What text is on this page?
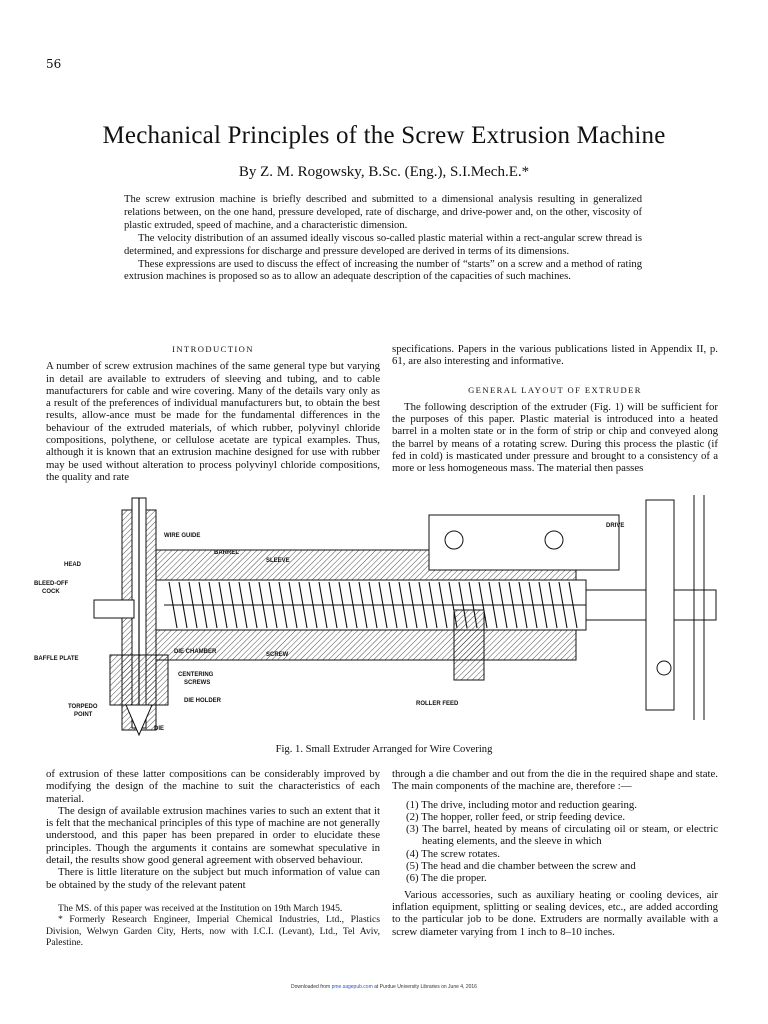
56
Mechanical Principles of the Screw Extrusion Machine
By Z. M. Rogowsky, B.Sc. (Eng.), S.I.Mech.E.*

The screw extrusion machine is briefly described and submitted to a dimensional analysis resulting in generalized relations between, on the one hand, pressure developed, rate of discharge, and drive-power and, on the other, viscosity of plastic extruded, speed of machine, and a characteristic dimension.

The velocity distribution of an assumed ideally viscous so-called plastic material within a rect-angular screw thread is determined, and expressions for discharge and pressure developed are derived in terms of its dimensions.

These expressions are used to discuss the effect of increasing the number of “starts” on a screw and a method of rating extrusion machines is proposed so as to allow an adequate description of the capacities of such machines.

INTRODUCTION

A number of screw extrusion machines of the same general type but varying in detail are available to extruders of sleeving and tubing, and to cable manufacturers for cable and wire covering. Many of the details vary only as a result of the preferences of individual manufacturers but, to obtain the best results, allow-ance must be made for the fundamental differences in the behaviour of the extruded materials, of which rubber, polyvinyl chloride compositions, polythene, or cellulose acetate are typical examples. Thus, although it is known that an extrusion machine designed for use with rubber may be used without alteration to process polyvinyl chloride compositions, the quality and rate

specifications. Papers in the various publications listed in Appendix II, p. 61, are also interesting and informative.

GENERAL LAYOUT OF EXTRUDER

The following description of the extruder (Fig. 1) will be sufficient for the purposes of this paper. Plastic material is introduced into a heated barrel in a molten state or in the form of strip or chip and conveyed along the barrel by means of a rotating screw. During this process the plastic (if fed in cold) is masticated under pressure and brought to a consistency of a more or less homogeneous mass. The material then passes

WIRE GUIDE
BARREL
SLEEVE
DRIVE
HEAD
BLEED-OFF
COCK
BAFFLE PLATE
DIE CHAMBER	SCREW
CENTERING
SCREWS
TORPEDO
POINT
DIE HOLDER
DIE
ROLLER FEED
Fig. 1. Small Extruder Arranged for Wire Covering

of extrusion of these latter compositions can be considerably improved by modifying the design of the machine to suit the characteristics of each material.

The design of available extrusion machines varies to such an extent that it is felt that the mechanical principles of this type of machine are not generally understood, and this paper has been prepared in order to elucidate these principles. Though the arguments it contains are somewhat speculative in detail, the results show good general agreement with observed behaviour.

There is little literature on the subject but much information of value can be obtained by the study of the relevant patent

The MS. of this paper was received at the Institution on 19th March 1945.

* Formerly Research Engineer, Imperial Chemical Industries, Ltd., Plastics Division, Welwyn Garden City, Herts, now with I.C.I. (Levant), Ltd., Tel Aviv, Palestine.

through a die chamber and out from the die in the required shape and state. The main components of the machine are, therefore :—

(1) The drive, including motor and reduction gearing.
(2) The hopper, roller feed, or strip feeding device.
(3) The barrel, heated by means of circulating oil or steam, or electric heating elements, and the sleeve in which
(4) The screw rotates.
(5) The head and die chamber between the screw and
(6) The die proper.

Various accessories, such as auxiliary heating or cooling devices, air inflation equipment, splitting or sealing devices, etc., are added according to the particular job to be done. Extruders are normally available with a screw diameter varying from 1 inch to 8–10 inches.

Downloaded from pme.sagepub.com at Purdue University Libraries on June 4, 2016
